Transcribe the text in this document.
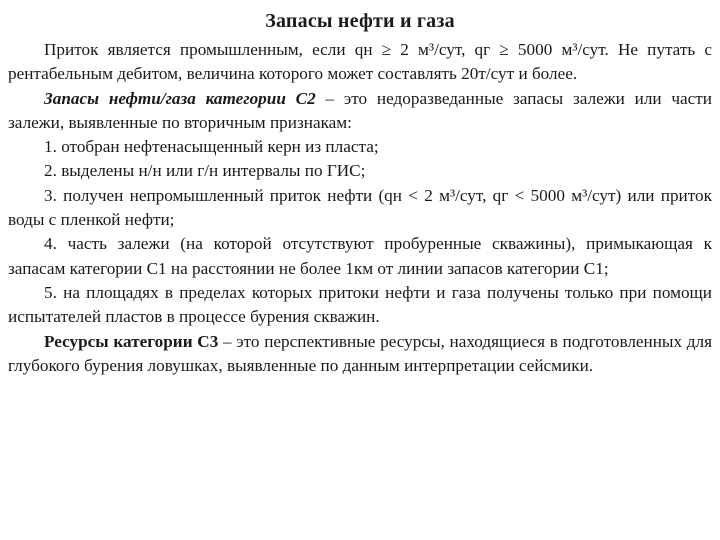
Запасы нефти и газа

Приток является промышленным, если qн ≥ 2 м³/сут, qг ≥ 5000 м³/сут. Не путать с рентабельным дебитом, величина которого может составлять 20т/сут и более.

Запасы нефти/газа категории С2 – это недоразведанные запасы залежи или части залежи, выявленные по вторичным признакам:

1. отобран нефтенасыщенный керн из пласта;

2. выделены н/н или г/н интервалы по ГИС;

3. получен непромышленный приток нефти (qн < 2 м³/сут, qг < 5000 м³/сут) или приток воды с пленкой нефти;

4. часть залежи (на которой отсутствуют пробуренные скважины), примыкающая к запасам категории С1 на расстоянии не более 1км от линии запасов категории С1;

5. на площадях в пределах которых притоки нефти и газа получены только при помощи испытателей пластов в процессе бурения скважин.

Ресурсы категории С3 – это перспективные ресурсы, находящиеся в подготовленных для глубокого бурения ловушках, выявленные по данным интерпретации сейсмики.
